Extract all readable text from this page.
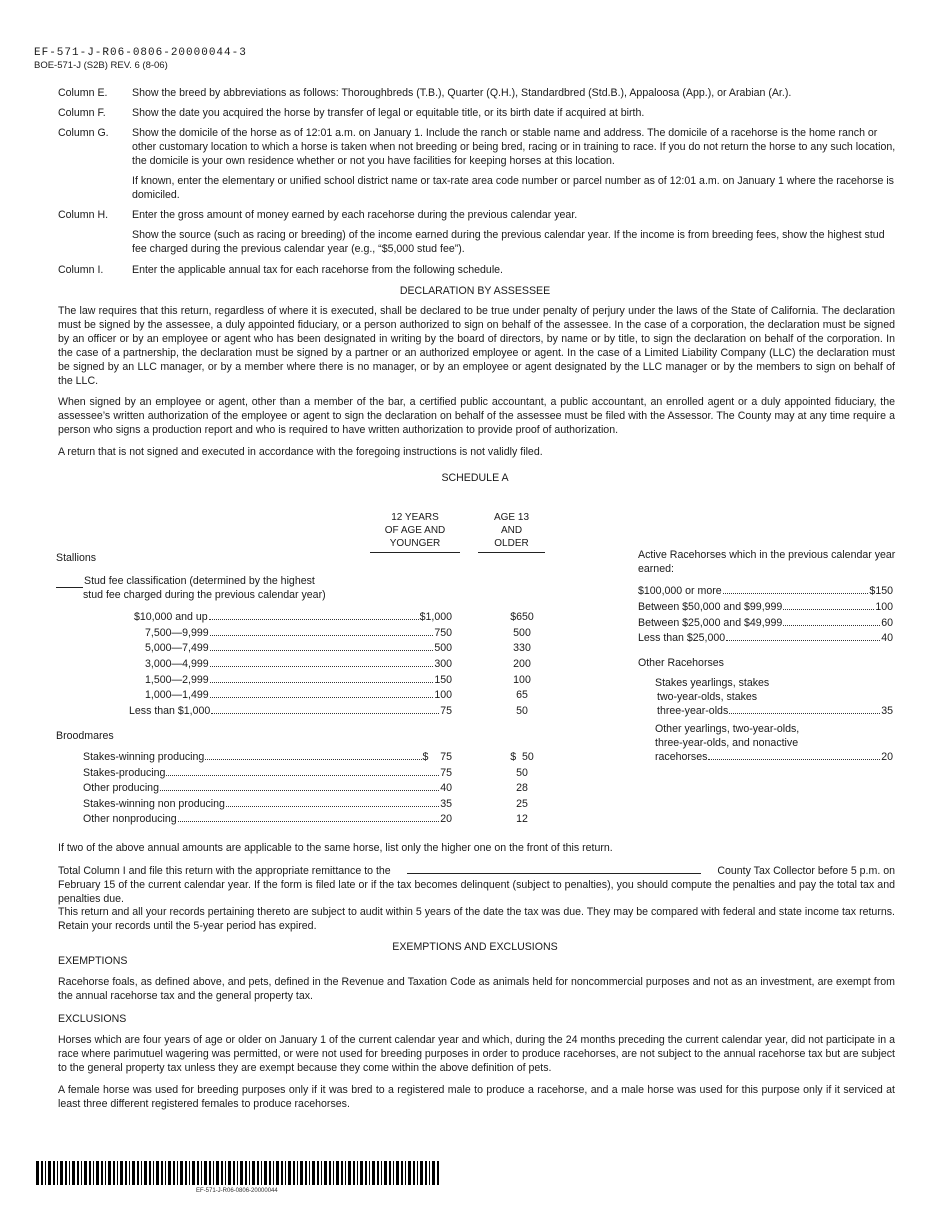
EF-571-J-R06-0806-20000044-3
BOE-571-J (S2B) REV. 6 (8-06)
Column E.	Show the breed by abbreviations as follows: Thoroughbreds (T.B.), Quarter (Q.H.), Standardbred (Std.B.), Appaloosa (App.), or Arabian (Ar.).
Column F.	Show the date you acquired the horse by transfer of legal or equitable title, or its birth date if acquired at birth.
Column G.	Show the domicile of the horse as of 12:01 a.m. on January 1. Include the ranch or stable name and address. The domicile of a racehorse is the home ranch or other customary location to which a horse is taken when not breeding or being bred, racing or in training to race. If you do not return the horse to any such location, the domicile is your own residence whether or not you have facilities for keeping horses at this location.
If known, enter the elementary or unified school district name or tax-rate area code number or parcel number as of 12:01 a.m. on January 1 where the racehorse is domiciled.
Column H.	Enter the gross amount of money earned by each racehorse during the previous calendar year.
Show the source (such as racing or breeding) of the income earned during the previous calendar year. If the income is from breeding fees, show the highest stud fee charged during the previous calendar year (e.g., “$5,000 stud fee”).
Column I.	Enter the applicable annual tax for each racehorse from the following schedule.
DECLARATION BY ASSESSEE
The law requires that this return, regardless of where it is executed, shall be declared to be true under penalty of perjury under the laws of the State of California. The declaration must be signed by the assessee, a duly appointed fiduciary, or a person authorized to sign on behalf of the assessee. In the case of a corporation, the declaration must be signed by an officer or by an employee or agent who has been designated in writing by the board of directors, by name or by title, to sign the declaration on behalf of the corporation. In the case of a partnership, the declaration must be signed by a partner or an authorized employee or agent. In the case of a Limited Liability Company (LLC) the declaration must be signed by an LLC manager, or by a member where there is no manager, or by an employee or agent designated by the LLC manager or by the members to sign on behalf of the LLC.
When signed by an employee or agent, other than a member of the bar, a certified public accountant, a public accountant, an enrolled agent or a duly appointed fiduciary, the assessee’s written authorization of the employee or agent to sign the declaration on behalf of the assessee must be filed with the Assessor. The County may at any time require a person who signs a production report and who is required to have written authorization to provide proof of authorization.
A return that is not signed and executed in accordance with the foregoing instructions is not validly filed.
SCHEDULE A
12 YEARS
OF AGE AND
YOUNGER
AGE 13
AND
OLDER
Stallions
Stud fee classification (determined by the highest
stud fee charged during the previous calendar year)
$10,000 and up	$1,000	$650
7,500—9,999	750	500
5,000—7,499	500	330
3,000—4,999	300	200
1,500—2,999	150	100
1,000—1,499	100	65
Less than $1,000	75	50
Broodmares
Stakes-winning producing	$    75	$  50
Stakes-producing	75	50
Other producing	40	28
Stakes-winning non producing	35	25
Other nonproducing	20	12
Active Racehorses which in the previous calendar year
earned:
$100,000 or more	$150
Between $50,000 and $99,999	100
Between $25,000 and $49,999	60
Less than $25,000	40
Other Racehorses
Stakes yearlings, stakes
two-year-olds, stakes
three-year-olds	35
Other yearlings, two-year-olds,
three-year-olds, and nonactive
racehorses	20
If two of the above annual amounts are applicable to the same horse, list only the higher one on the front of this return.
Total Column I and file this return with the appropriate remittance to the	County Tax Collector before 5 p.m. on
February 15 of the current calendar year. If the form is filed late or if the tax becomes delinquent (subject to penalties), you should compute the penalties and pay the total tax and penalties due.
This return and all your records pertaining thereto are subject to audit within 5 years of the date the tax was due. They may be compared with federal and state income tax returns. Retain your records until the 5-year period has expired.
EXEMPTIONS AND EXCLUSIONS
EXEMPTIONS
Racehorse foals, as defined above, and pets, defined in the Revenue and Taxation Code as animals held for noncommercial purposes and not as an investment, are exempt from the annual racehorse tax and the general property tax.
EXCLUSIONS
Horses which are four years of age or older on January 1 of the current calendar year and which, during the 24 months preceding the current calendar year, did not participate in a race where parimutuel wagering was permitted, or were not used for breeding purposes in order to produce racehorses, are not subject to the annual racehorse tax but are subject to the general property tax unless they are exempt because they come within the above definition of pets.
A female horse was used for breeding purposes only if it was bred to a registered male to produce a racehorse, and a male horse was used for this purpose only if it serviced at least three different registered females to produce racehorses.
EF-571-J-R06-0806-20000044
